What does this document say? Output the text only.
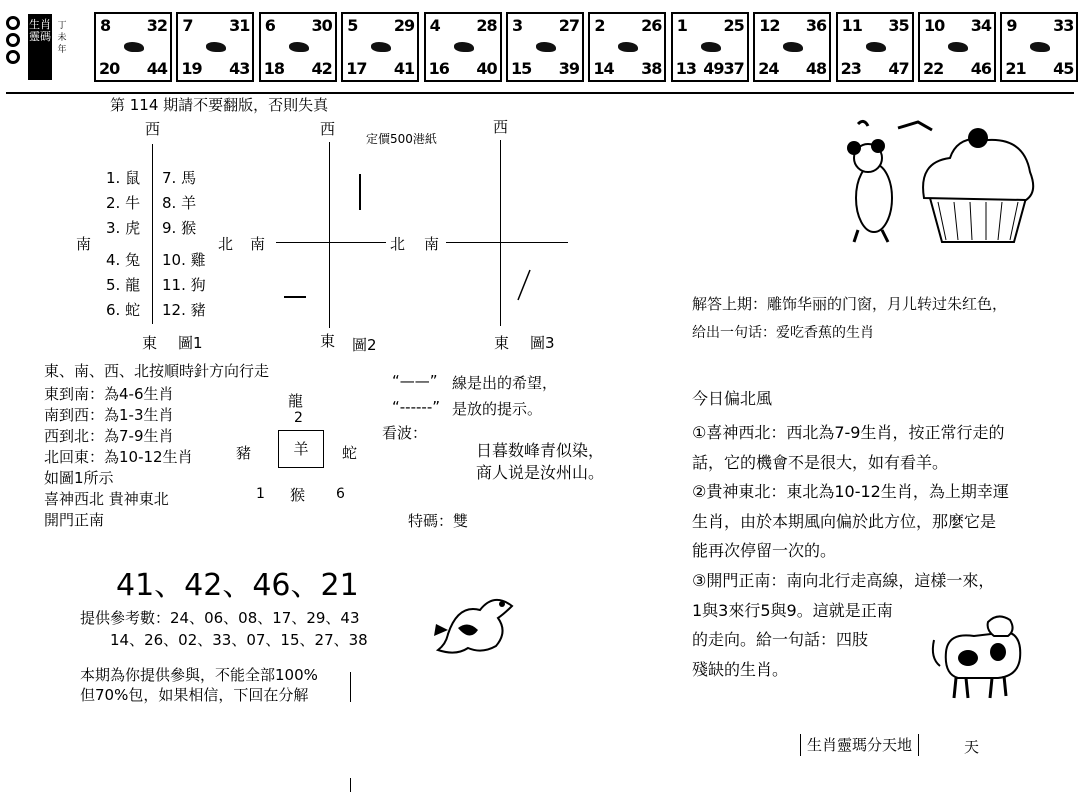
生肖靈碼
丁未年
8 32
20 44
7 31
19 43
6 30
18 42
5 29
17 41
4 28
16 40
3 27
15 39
2 26
14 38
1 25
13 4937
12 36
24 48
11 35
23 47
10 34
22 46
9 33
21 45
第 114 期請不要翻版，否則失真
定價500港紙
西
南	北
東 圖1
1. 鼠
2. 牛
3. 虎
4. 兔
5. 龍
6. 蛇
7. 馬
8. 羊
9. 猴
10. 雞
11. 狗
12. 豬
西
南	北
東 圖2
西
南
東 圖3
東、南、西、北按順時針方向行走
東到南：為4-6生肖
南到西：為1-3生肖
西到北：為7-9生肖
北回東：為10-12生肖
如圖1所示
喜神西北 貴神東北
開門正南
“——” 線是出的希望，
“------” 是放的提示。
龍
2
豬	羊	蛇
1 猴 6
看波：
日暮数峰青似染，
商人说是汝州山。
特碼：雙
41、42、46、21
提供參考數：24、06、08、17、29、43
14、26、02、33、07、15、27、38
本期為你提供參與，不能全部100%
但70%包，如果相信，下回在分解
解答上期：雕饰华丽的门窗，月儿转过朱红色，
给出一句话：爱吃香蕉的生肖
今日偏北風
①喜神西北：西北為7-9生肖，按正常行走的
話，它的機會不是很大，如有看羊。
②貴神東北：東北為10-12生肖，為上期幸運
生肖，由於本期風向偏於此方位，那麼它是
能再次停留一次的。
③開門正南：南向北行走高線，這樣一來，
1與3來行5與9。這就是正南
的走向。給一句話：四肢
殘缺的生肖。
生肖靈瑪分天地	天
